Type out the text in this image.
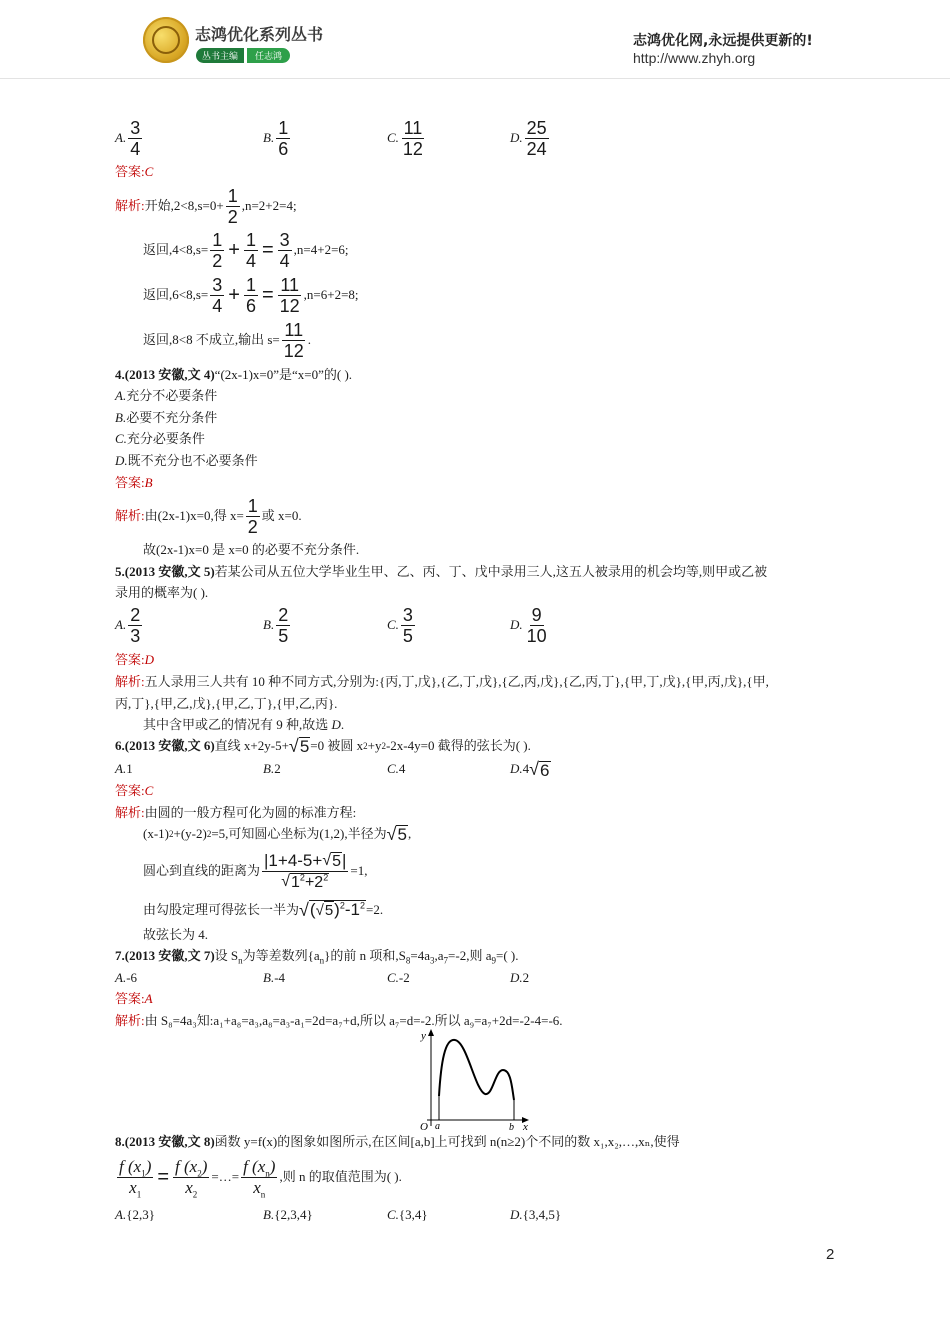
志鸿优化系列丛书
丛书主编	任志鸿
志鸿优化网,永远提供更新的!
http://www.zhyh.org
A. $\frac{3}{4}$	B. $\frac{1}{6}$	C. $\frac{11}{12}$	D. $\frac{25}{24}$
答案:C
解析: 开始$,2<8,s=0+ \frac{1}{2} ,n=2+2=4$;
返回$,4<8,s= \frac{1}{2} + \frac{1}{4} = \frac{3}{4} ,n=4+2=6$;
返回$,6<8,s= \frac{3}{4} + \frac{1}{6} = \frac{11}{12} ,n=6+2=8$;
返回,8<8 不成立,输出 $s= \frac{11}{12}$ .
4.(2013 安徽,文 4)“(2x-1)x=0”是“x=0”的( ).
A.充分不必要条件
B.必要不充分条件
C.充分必要条件
D.既不充分也不必要条件
答案:B
解析: 由(2x-1)x=0,得 $x= \frac{1}{2}$ 或 x=0.
故(2x-1)x=0 是 x=0 的必要不充分条件.
5.(2013 安徽,文 5)若某公司从五位大学毕业生甲、乙、丙、丁、戊中录用三人,这五人被录用的机会均等,则甲或乙被
录用的概率为( ).
A. $\frac{2}{3}$	B. $\frac{2}{5}$	C. $\frac{3}{5}$	D. $\frac{9}{10}$
答案:D
解析:五人录用三人共有 10 种不同方式,分别为:{丙,丁,戊},{乙,丁,戊},{乙,丙,戊},{乙,丙,丁},{甲,丁,戊},{甲,丙,戊},{甲,
丙,丁},{甲,乙,戊},{甲,乙,丁},{甲,乙,丙}.
其中含甲或乙的情况有 9 种,故选 D.
6 .(2013 安徽,文 6) 直线 x+2y-5+ √ 5 =0 被圆 x 2 +y 2 -2x-4y=0 截得的弦长为( ).
A. 1	B. 2	C. 4	D. 4 √ 6
答案:C
解析:由圆的一般方程可化为圆的标准方程:
(x-1) 2 +(y-2) 2 =5,可知圆心坐标为(1,2),半径为 √ 5 ,
圆心到直线的距离为 $\frac{|1+4-5+ √ 5 |}{√ 1^2+2^2} =1$,
由勾股定理可得弦长一半为 √ ( √ 5 )$^2-1^2 =2$.
故弦长为 4.
7.(2013 安徽,文 7)设 $S_n$为等差数列$\{a_n\}$的前 n 项和$,S_8=4a_3,a_7=-2$,则 $a_9=$( ).
A.-6	B.-4	C.-2	D.2
答案:A
解析:由 S₈=4a₃知:a₁+a₈=a₃,a₈=a₃-a₁=2d=a₇+d,所以 a₇=d=-2.所以 a₉=a₇+2d=-2-4=-6.
8.(2013 安徽,文 8)函数 y=f(x)的图象如图所示,在区间[a,b]上可找到 n(n≥2)个不同的数 x₁,x₂,…,xₙ,使得
$\frac{f (x_1)}{x_1} = \frac{f (x_2)}{x_2}$ =…= $\frac{f (x_n)}{x_n}$ ,则 n 的取值范围为( ).
A.{2,3}	B.{2,3,4}	C.{3,4}	D.{3,4,5}
y
x
O a	b
2
